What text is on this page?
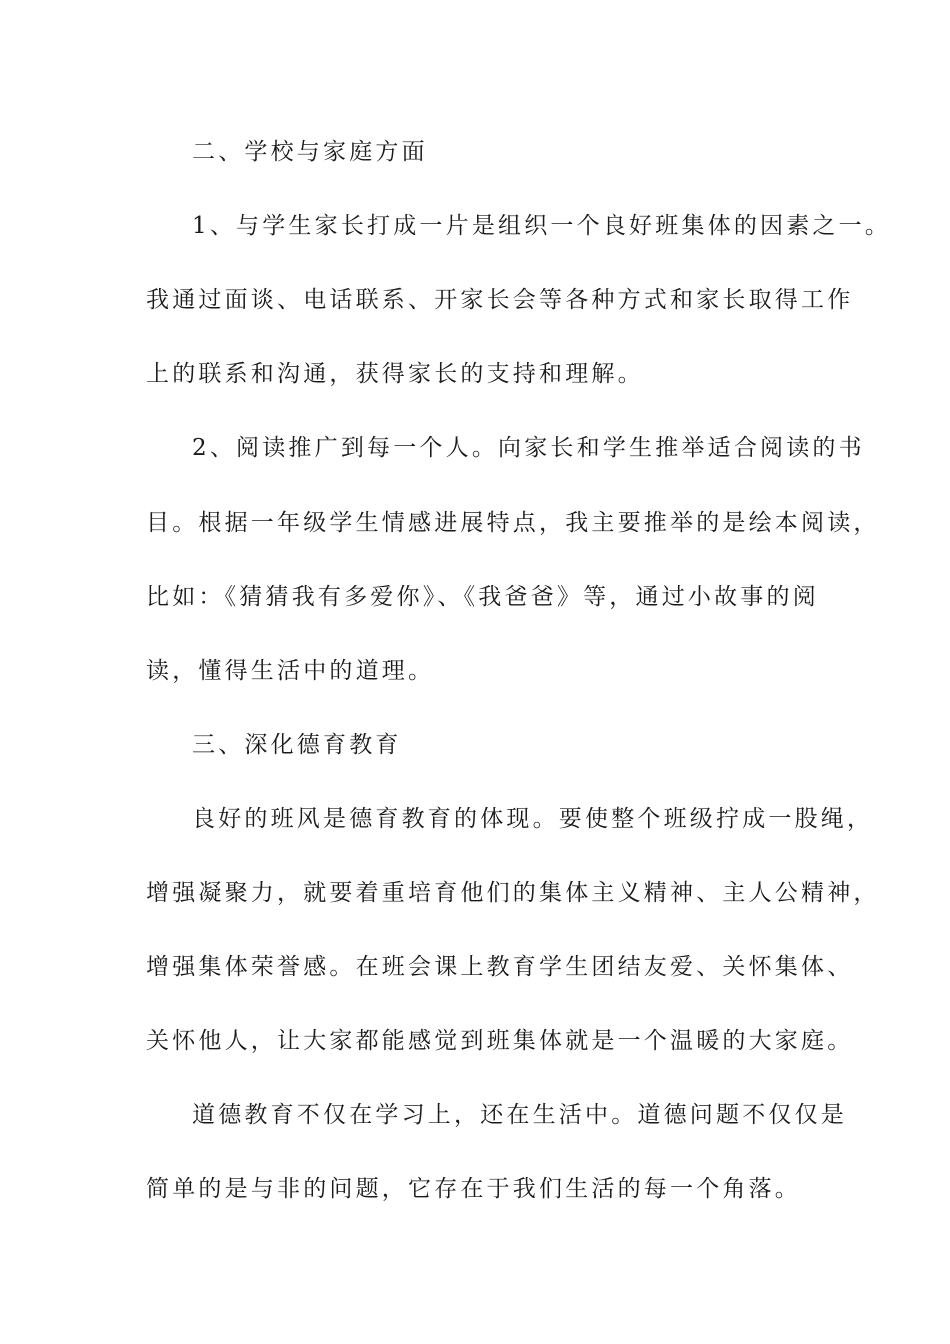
二、学校与家庭方面
1、与学生家长打成一片是组织一个良好班集体的因素之一。
我通过面谈、电话联系、开家长会等各种方式和家长取得工作
上的联系和沟通，获得家长的支持和理解。
2、阅读推广到每一个人。向家长和学生推举适合阅读的书
目。根据一年级学生情感进展特点，我主要推举的是绘本阅读，
比如：《猜猜我有多爱你》、《我爸爸》等，通过小故事的阅
读，懂得生活中的道理。
三、深化德育教育
良好的班风是德育教育的体现。要使整个班级拧成一股绳，
增强凝聚力，就要着重培育他们的集体主义精神、主人公精神，
增强集体荣誉感。在班会课上教育学生团结友爱、关怀集体、
关怀他人，让大家都能感觉到班集体就是一个温暖的大家庭。
道德教育不仅在学习上，还在生活中。道德问题不仅仅是
简单的是与非的问题，它存在于我们生活的每一个角落。
